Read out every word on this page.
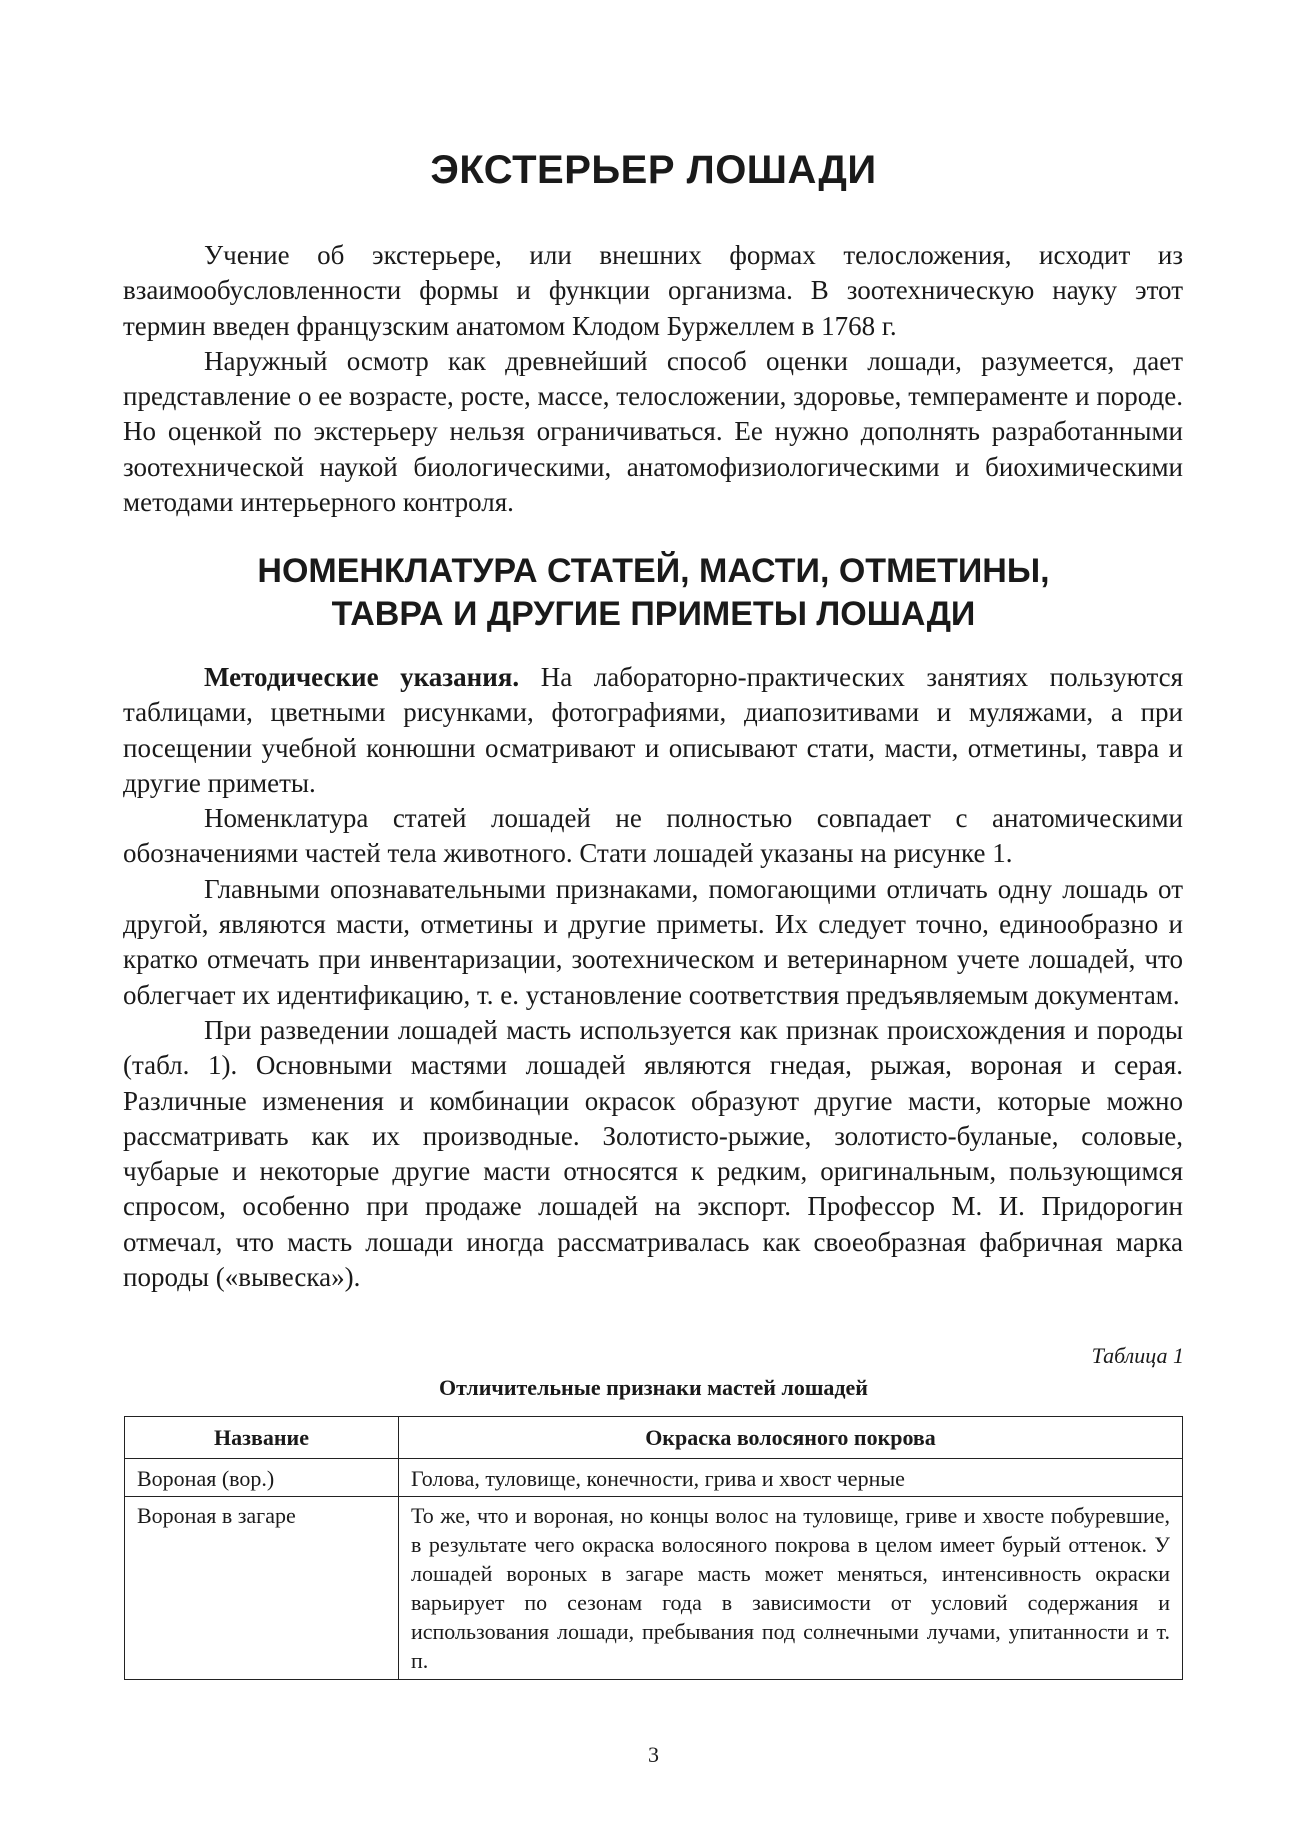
ЭКСТЕРЬЕР ЛОШАДИ

Учение об экстерьере, или внешних формах телосложения, исходит из взаимообусловленности формы и функции организма. В зоотехническую науку этот термин введен французским анатомом Клодом Буржеллем в 1768 г.

Наружный осмотр как древнейший способ оценки лошади, разумеется, дает представление о ее возрасте, росте, массе, телосложении, здоровье, темпераменте и породе. Но оценкой по экстерьеру нельзя ограничиваться. Ее нужно дополнять разработанными зоотехнической наукой биологическими, анатомофизиологическими и биохимическими методами интерьерного контроля.

НОМЕНКЛАТУРА СТАТЕЙ, МАСТИ, ОТМЕТИНЫ,
ТАВРА И ДРУГИЕ ПРИМЕТЫ ЛОШАДИ

Методические указания. На лабораторно-практических занятиях пользуются таблицами, цветными рисунками, фотографиями, диапозитивами и муляжами, а при посещении учебной конюшни осматривают и описывают стати, масти, отметины, тавра и другие приметы.

Номенклатура статей лошадей не полностью совпадает с анатомическими обозначениями частей тела животного. Стати лошадей указаны на рисунке 1.

Главными опознавательными признаками, помогающими отличать одну лошадь от другой, являются масти, отметины и другие приметы. Их следует точно, единообразно и кратко отмечать при инвентаризации, зоотехническом и ветеринарном учете лошадей, что облегчает их идентификацию, т. е. установление соответствия предъявляемым документам.

При разведении лошадей масть используется как признак происхождения и породы (табл. 1). Основными мастями лошадей являются гнедая, рыжая, вороная и серая. Различные изменения и комбинации окрасок образуют другие масти, которые можно рассматривать как их производные. Золотисто-рыжие, золотисто-буланые, соловые, чубарые и некоторые другие масти относятся к редким, оригинальным, пользующимся спросом, особенно при продаже лошадей на экспорт. Профессор М. И. Придорогин отмечал, что масть лошади иногда рассматривалась как своеобразная фабричная марка породы («вывеска»).

Таблица 1
Отличительные признаки мастей лошадей
Название	Окраска волосяного покрова
Вороная (вор.)	Голова, туловище, конечности, грива и хвост черные
Вороная в загаре	То же, что и вороная, но концы волос на туловище, гриве и хвосте побуревшие, в результате чего окраска волосяного покрова в целом имеет бурый оттенок. У лошадей вороных в загаре масть может меняться, интенсивность окраски варьирует по сезонам года в зависимости от условий содержания и использования лошади, пребывания под солнечными лучами, упитанности и т. п.
3
